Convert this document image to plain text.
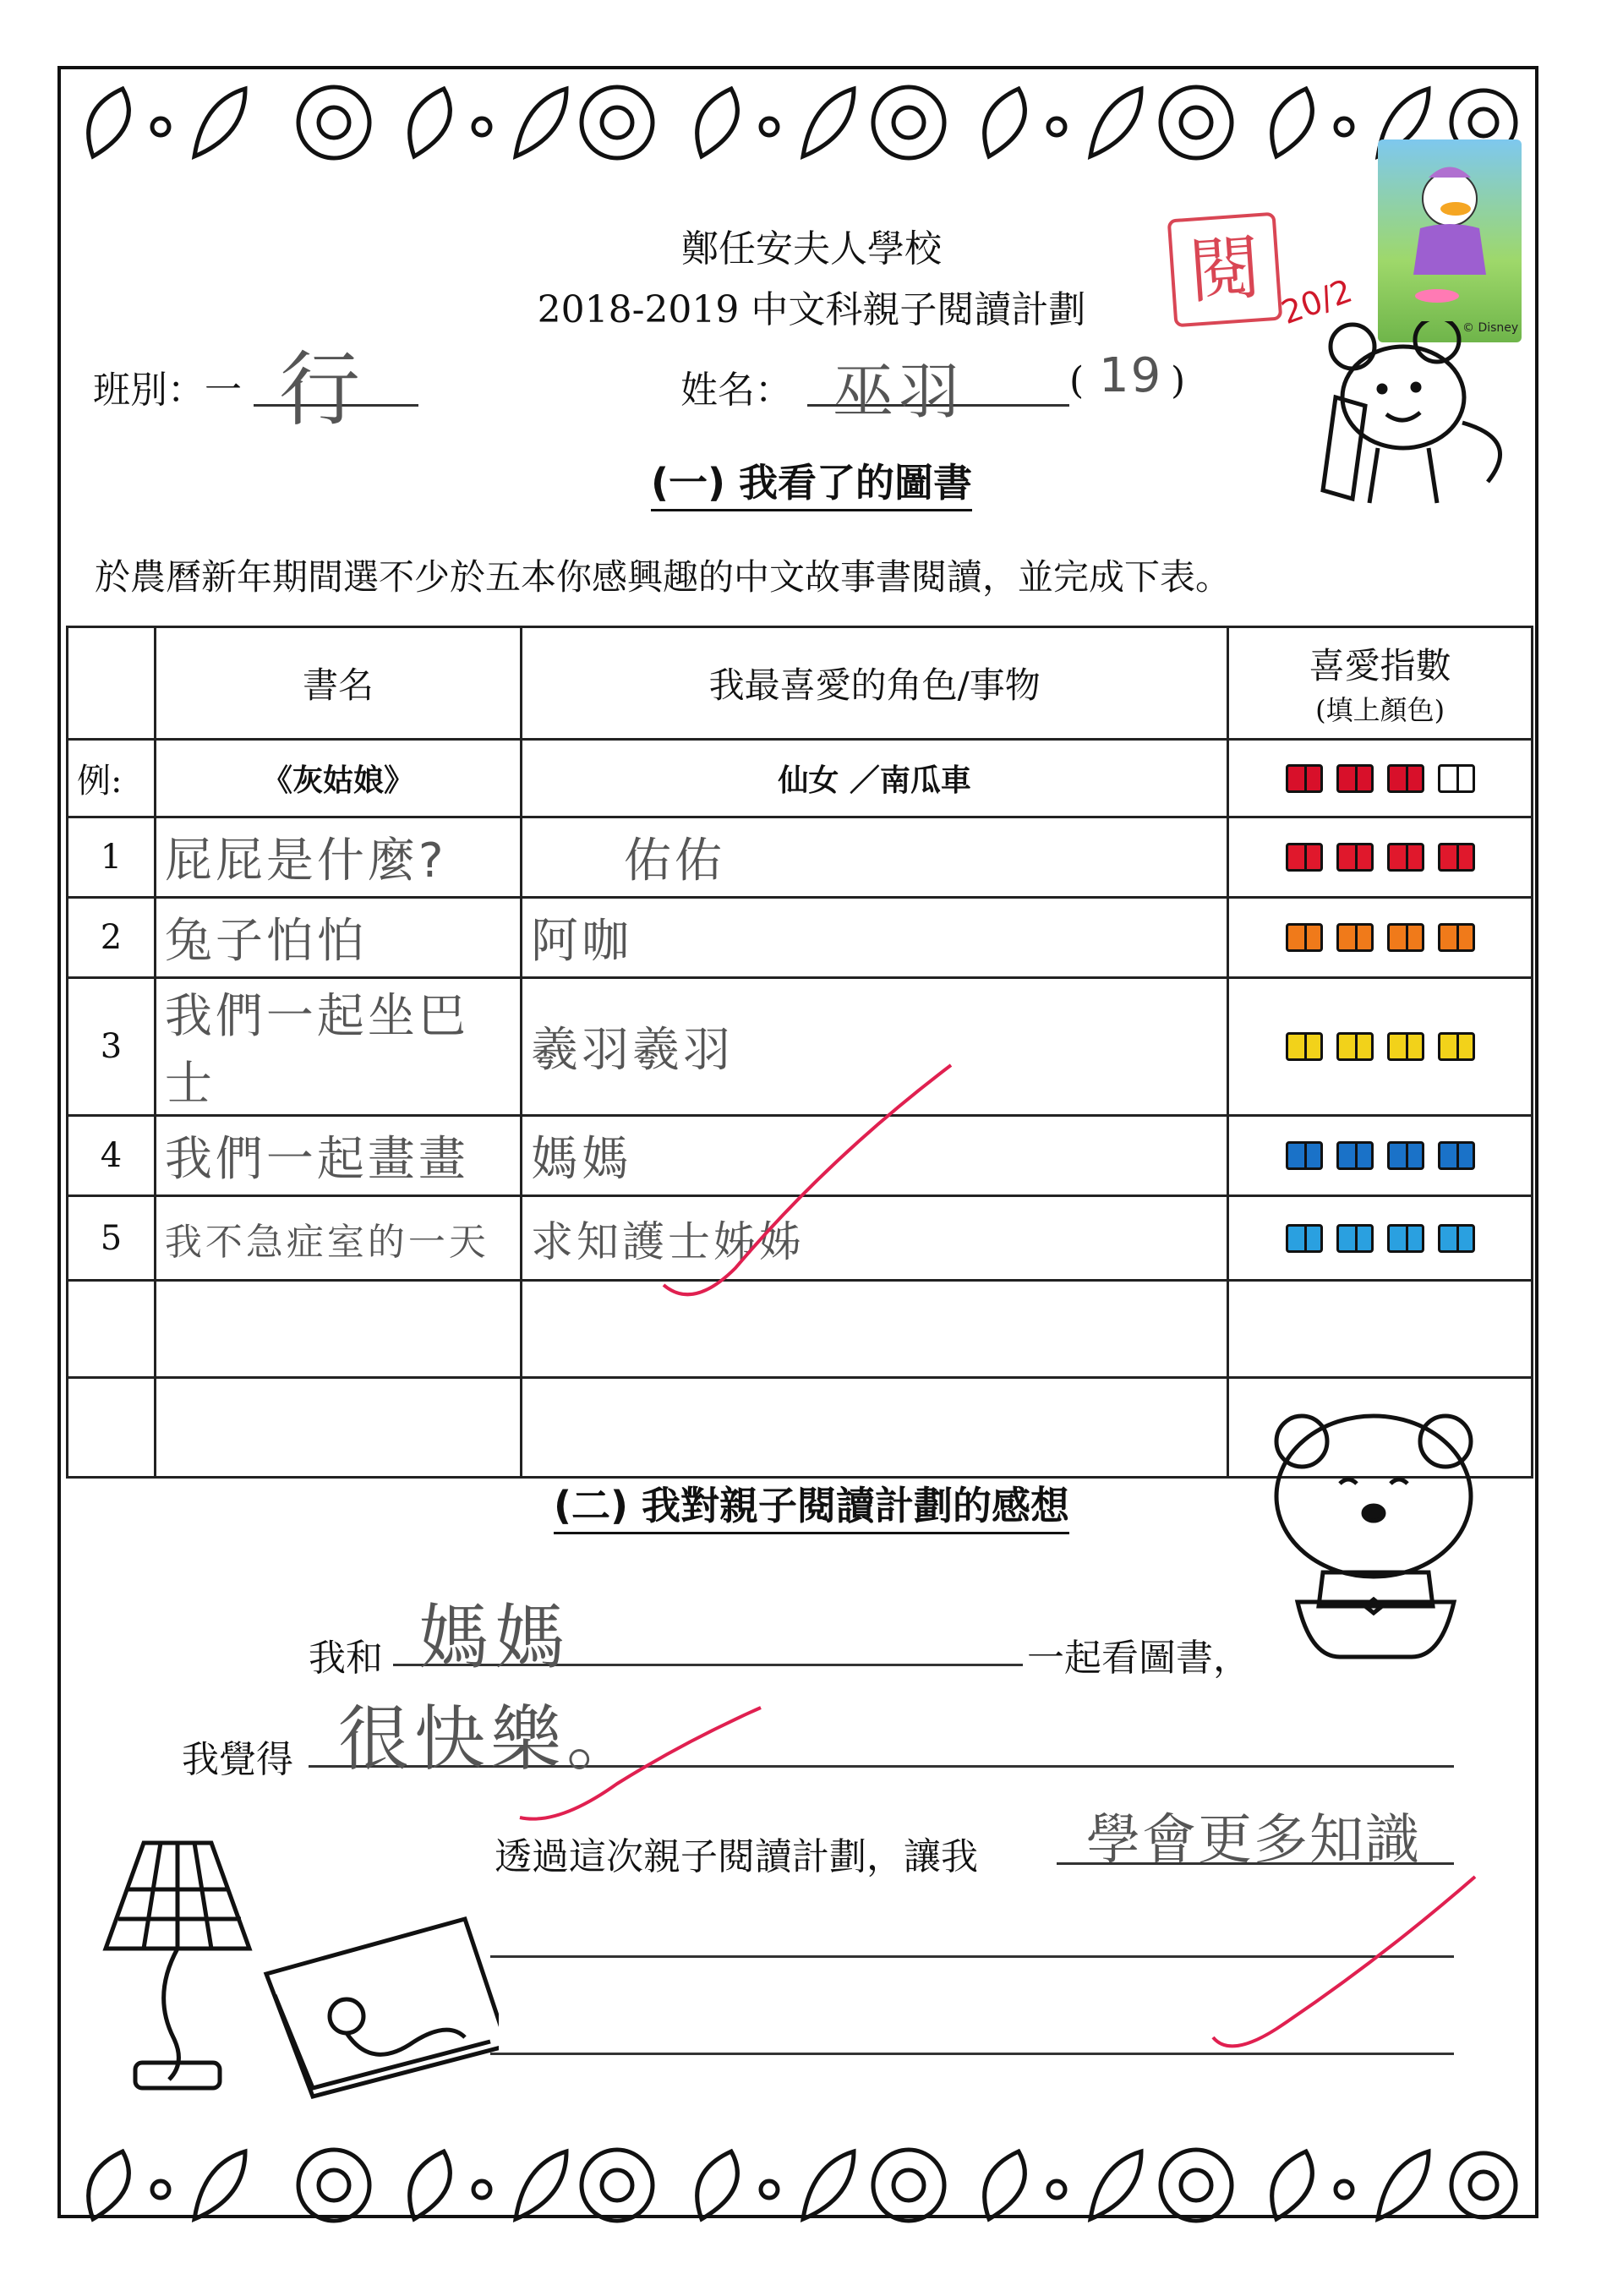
© Disney
閱 20/2
鄭任安夫人學校
2018-2019 中文科親子閱讀計劃
班別：一 行	姓名： 巫羽	( 19 )
(一) 我看了的圖書
於農曆新年期間選不少於五本你感興趣的中文故事書閱讀，並完成下表。
	書名	我最喜愛的角色/事物	喜愛指數
(填上顏色)

例:	《灰姑娘》	仙女 ／南瓜車	

1	屁屁是什麼?	佑佑	

2	兔子怕怕	阿咖	

3	我們一起坐巴士	羲羽羲羽	

4	我們一起畫畫	媽媽	

5	我不急症室的一天	求知護士姊姊	

(二) 我對親子閱讀計劃的感想
我和 媽媽	一起看圖書，
我覺得 很快樂。
透過這次親子閱讀計劃，讓我 學會更多知識
